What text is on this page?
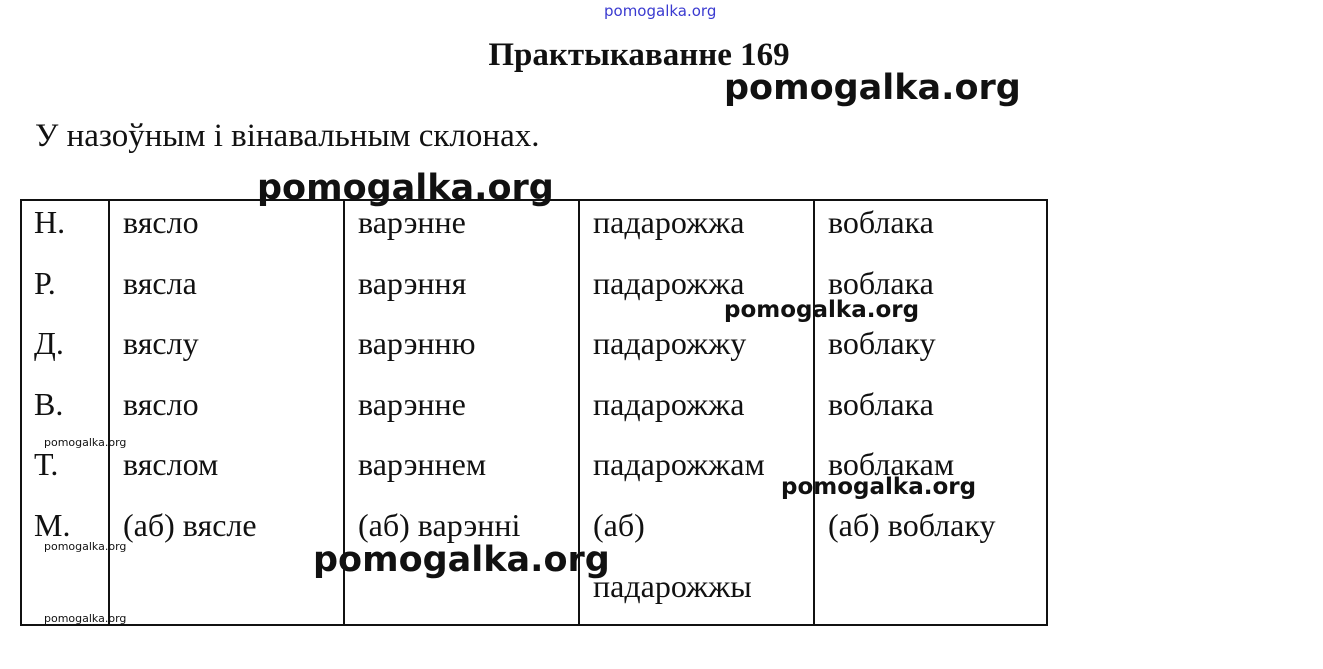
pomogalka.org
pomogalka.org
pomogalka.org
pomogalka.org
pomogalka.org
pomogalka.org
pomogalka.org
pomogalka.org
pomogalka.org
Практыкаванне 169
У назоўным і вінавальным склонах.
Н.
Р.
Д.
В.
Т.
М.
вясло
вясла
вяслу
вясло
вяслом
(аб) вясле
варэнне
варэння
варэнню
варэнне
варэннем
(аб) варэнні
падарожжа
падарожжа
падарожжу
падарожжа
падарожжам
(аб)
падарожжы
воблака
воблака
воблаку
воблака
воблакам
(аб) воблаку
